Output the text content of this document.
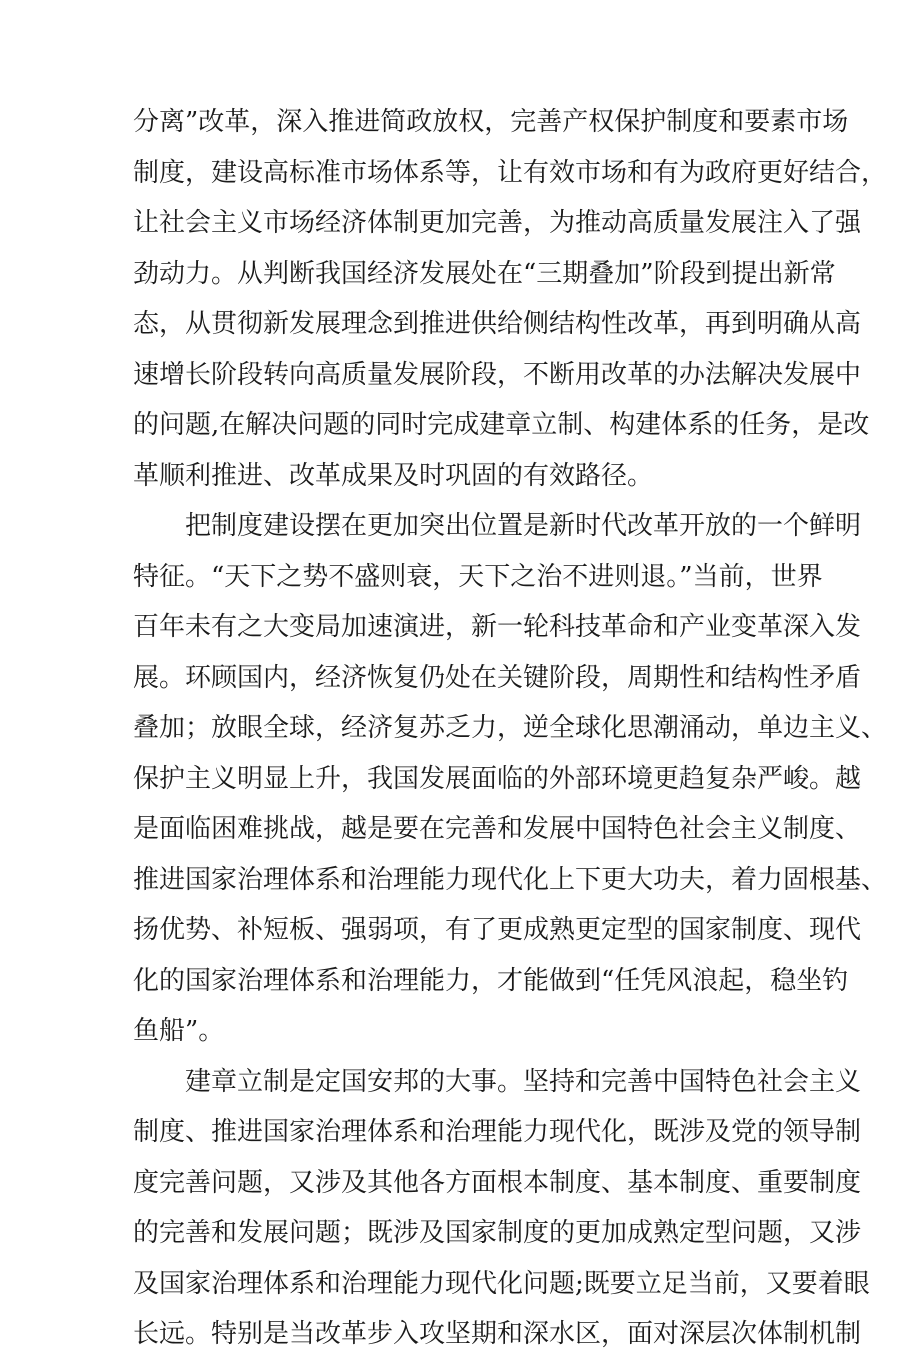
分离”改革，深入推进简政放权，完善产权保护制度和要素市场
制度，建设高标准市场体系等，让有效市场和有为政府更好结合，
让社会主义市场经济体制更加完善，为推动高质量发展注入了强
劲动力。从判断我国经济发展处在“三期叠加”阶段到提出新常
态，从贯彻新发展理念到推进供给侧结构性改革，再到明确从高
速增长阶段转向高质量发展阶段，不断用改革的办法解决发展中
的问题,在解决问题的同时完成建章立制、构建体系的任务，是改
革顺利推进、改革成果及时巩固的有效路径。
把制度建设摆在更加突出位置是新时代改革开放的一个鲜明
特征。“天下之势不盛则衰，天下之治不进则退。”当前，世界
百年未有之大变局加速演进，新一轮科技革命和产业变革深入发
展。环顾国内，经济恢复仍处在关键阶段，周期性和结构性矛盾
叠加；放眼全球，经济复苏乏力，逆全球化思潮涌动，单边主义、
保护主义明显上升，我国发展面临的外部环境更趋复杂严峻。越
是面临困难挑战，越是要在完善和发展中国特色社会主义制度、
推进国家治理体系和治理能力现代化上下更大功夫，着力固根基、
扬优势、补短板、强弱项，有了更成熟更定型的国家制度、现代
化的国家治理体系和治理能力，才能做到“任凭风浪起，稳坐钓
鱼船”。
建章立制是定国安邦的大事。坚持和完善中国特色社会主义
制度、推进国家治理体系和治理能力现代化，既涉及党的领导制
度完善问题，又涉及其他各方面根本制度、基本制度、重要制度
的完善和发展问题；既涉及国家制度的更加成熟定型问题，又涉
及国家治理体系和治理能力现代化问题;既要立足当前，又要着眼
长远。特别是当改革步入攻坚期和深水区，面对深层次体制机制
